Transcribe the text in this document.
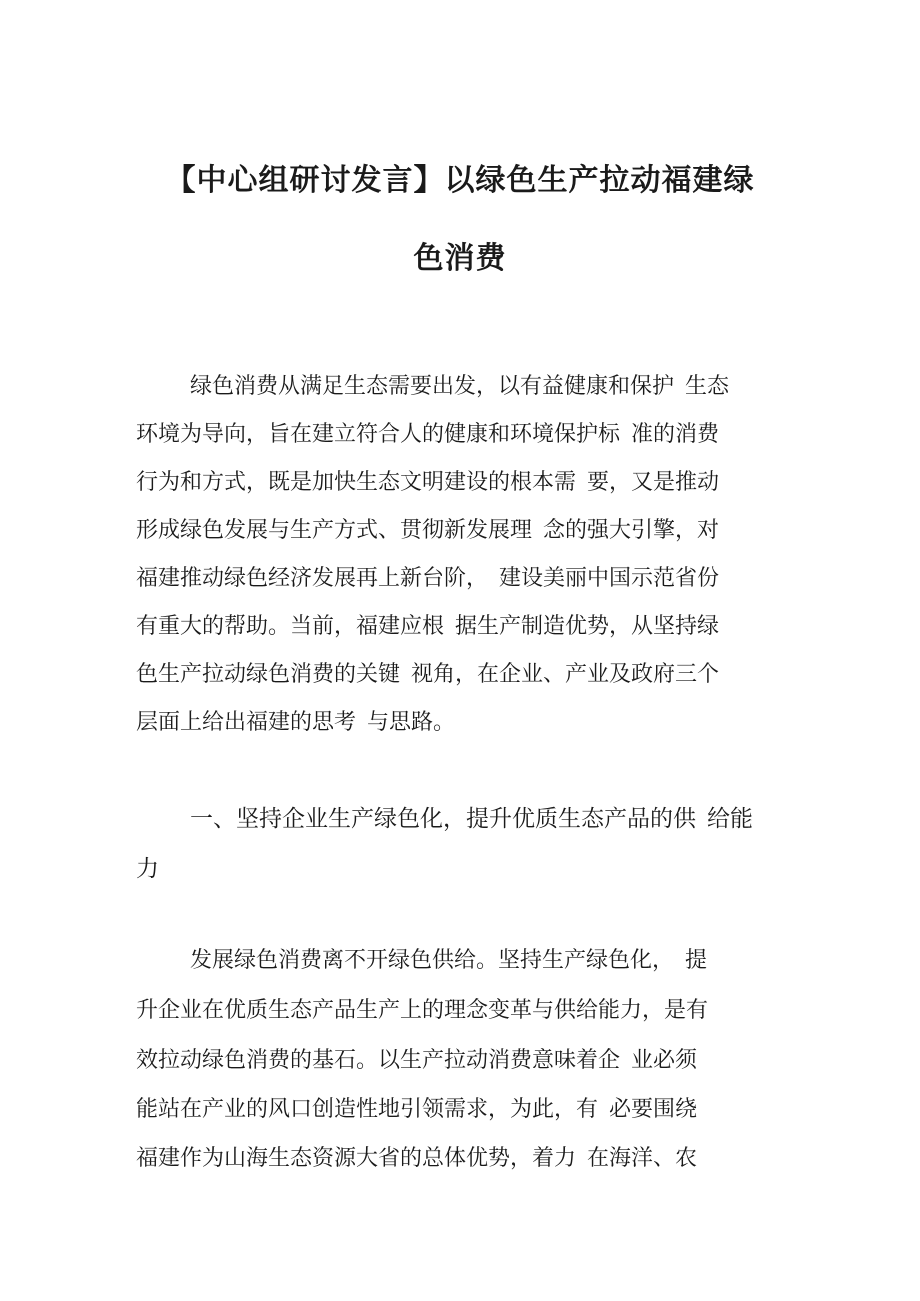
【中心组研讨发言】以绿色生产拉动福建绿
色消费

绿色消费从满足生态需要出发，以有益健康和保护 生态

环境为导向，旨在建立符合人的健康和环境保护标 准的消费

行为和方式，既是加快生态文明建设的根本需 要，又是推动

形成绿色发展与生产方式、贯彻新发展理 念的强大引擎，对

福建推动绿色经济发展再上新台阶， 建设美丽中国示范省份

有重大的帮助。当前，福建应根 据生产制造优势，从坚持绿

色生产拉动绿色消费的关键 视角，在企业、产业及政府三个

层面上给出福建的思考 与思路。

一、坚持企业生产绿色化，提升优质生态产品的供 给能

力

发展绿色消费离不开绿色供给。坚持生产绿色化， 提

升企业在优质生态产品生产上的理念变革与供给能力，是有

效拉动绿色消费的基石。以生产拉动消费意味着企 业必须

能站在产业的风口创造性地引领需求，为此，有 必要围绕

福建作为山海生态资源大省的总体优势，着力 在海洋、农
